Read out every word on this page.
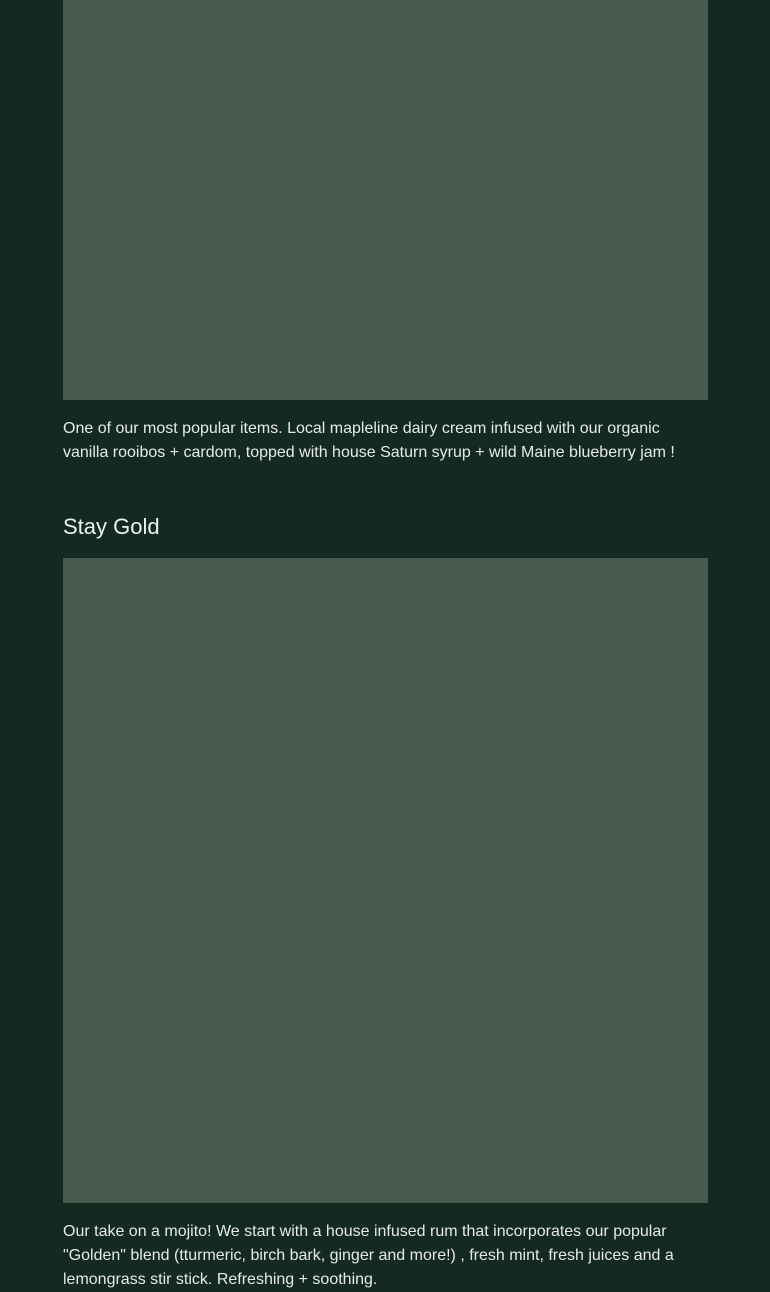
One of our most popular items. Local mapleline dairy cream infused with our organic vanilla rooibos + cardom, topped with house Saturn syrup + wild Maine blueberry jam !

Stay Gold

Our take on a mojito! We start with a house infused rum that incorporates our popular "Golden" blend (tturmeric, birch bark, ginger and more!) , fresh mint, fresh juices and a lemongrass stir stick. Refreshing + soothing.
